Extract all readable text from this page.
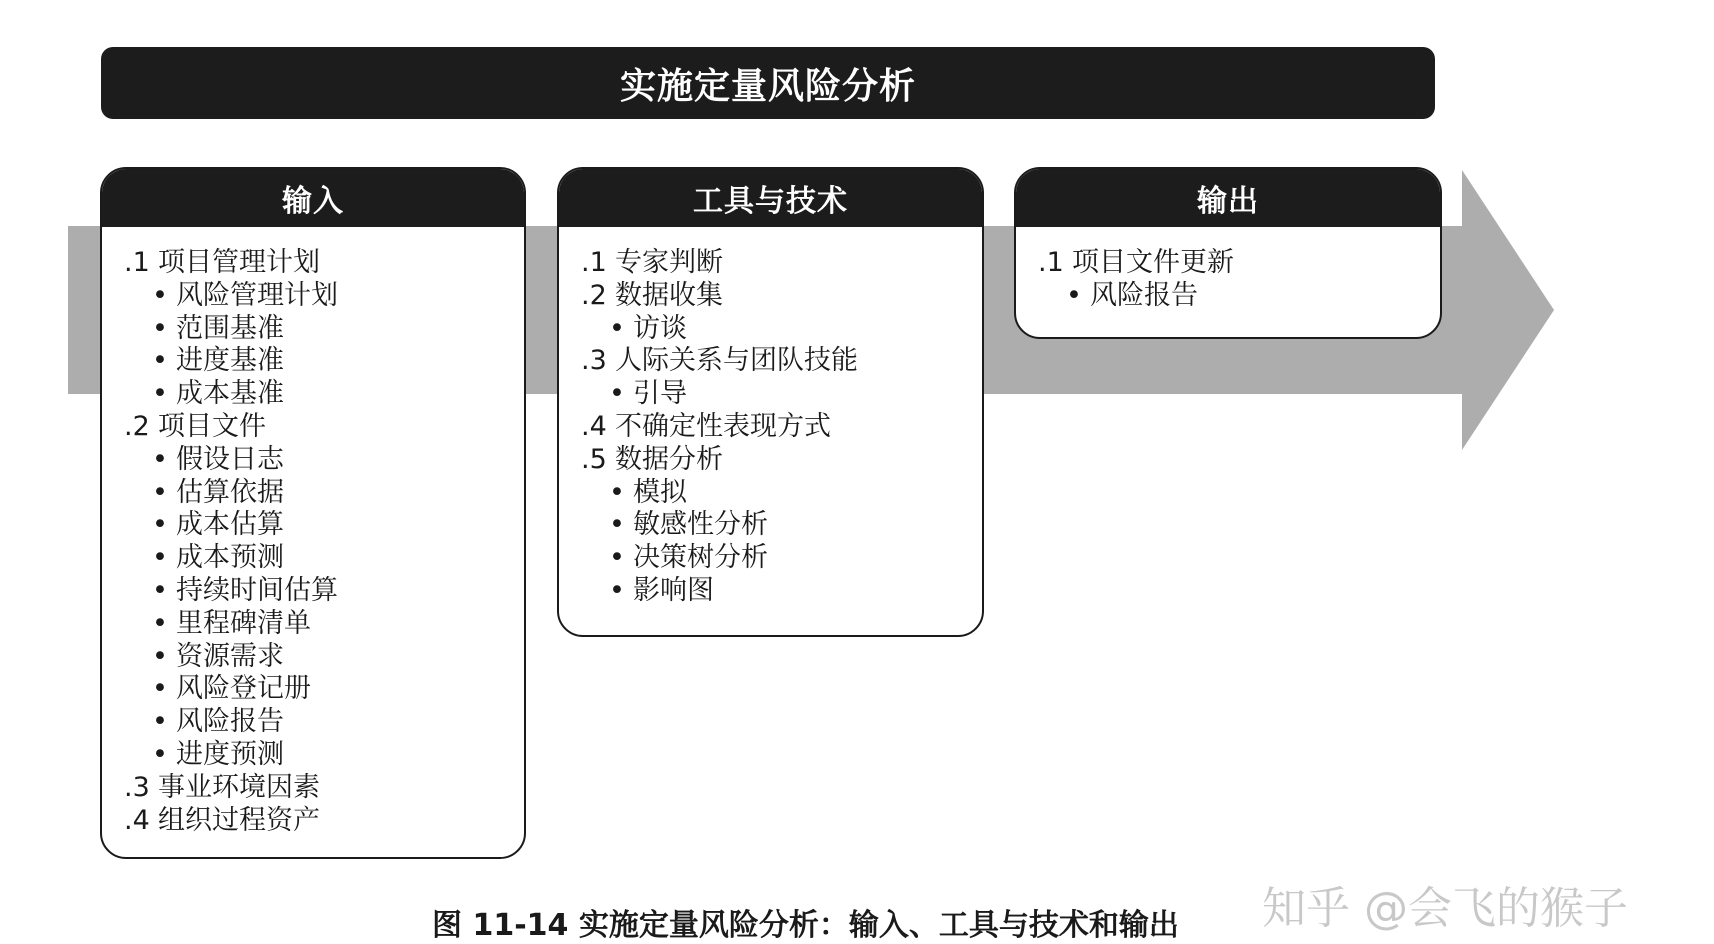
实施定量风险分析
输入
.1 项目管理计划
• 风险管理计划
• 范围基准
• 进度基准
• 成本基准
.2 项目文件
• 假设日志
• 估算依据
• 成本估算
• 成本预测
• 持续时间估算
• 里程碑清单
• 资源需求
• 风险登记册
• 风险报告
• 进度预测
.3 事业环境因素
.4 组织过程资产
工具与技术
.1 专家判断
.2 数据收集
• 访谈
.3 人际关系与团队技能
• 引导
.4 不确定性表现方式
.5 数据分析
• 模拟
• 敏感性分析
• 决策树分析
• 影响图
输出
.1 项目文件更新
• 风险报告
图 11-14 实施定量风险分析：输入、工具与技术和输出	知乎 @会飞的猴子
